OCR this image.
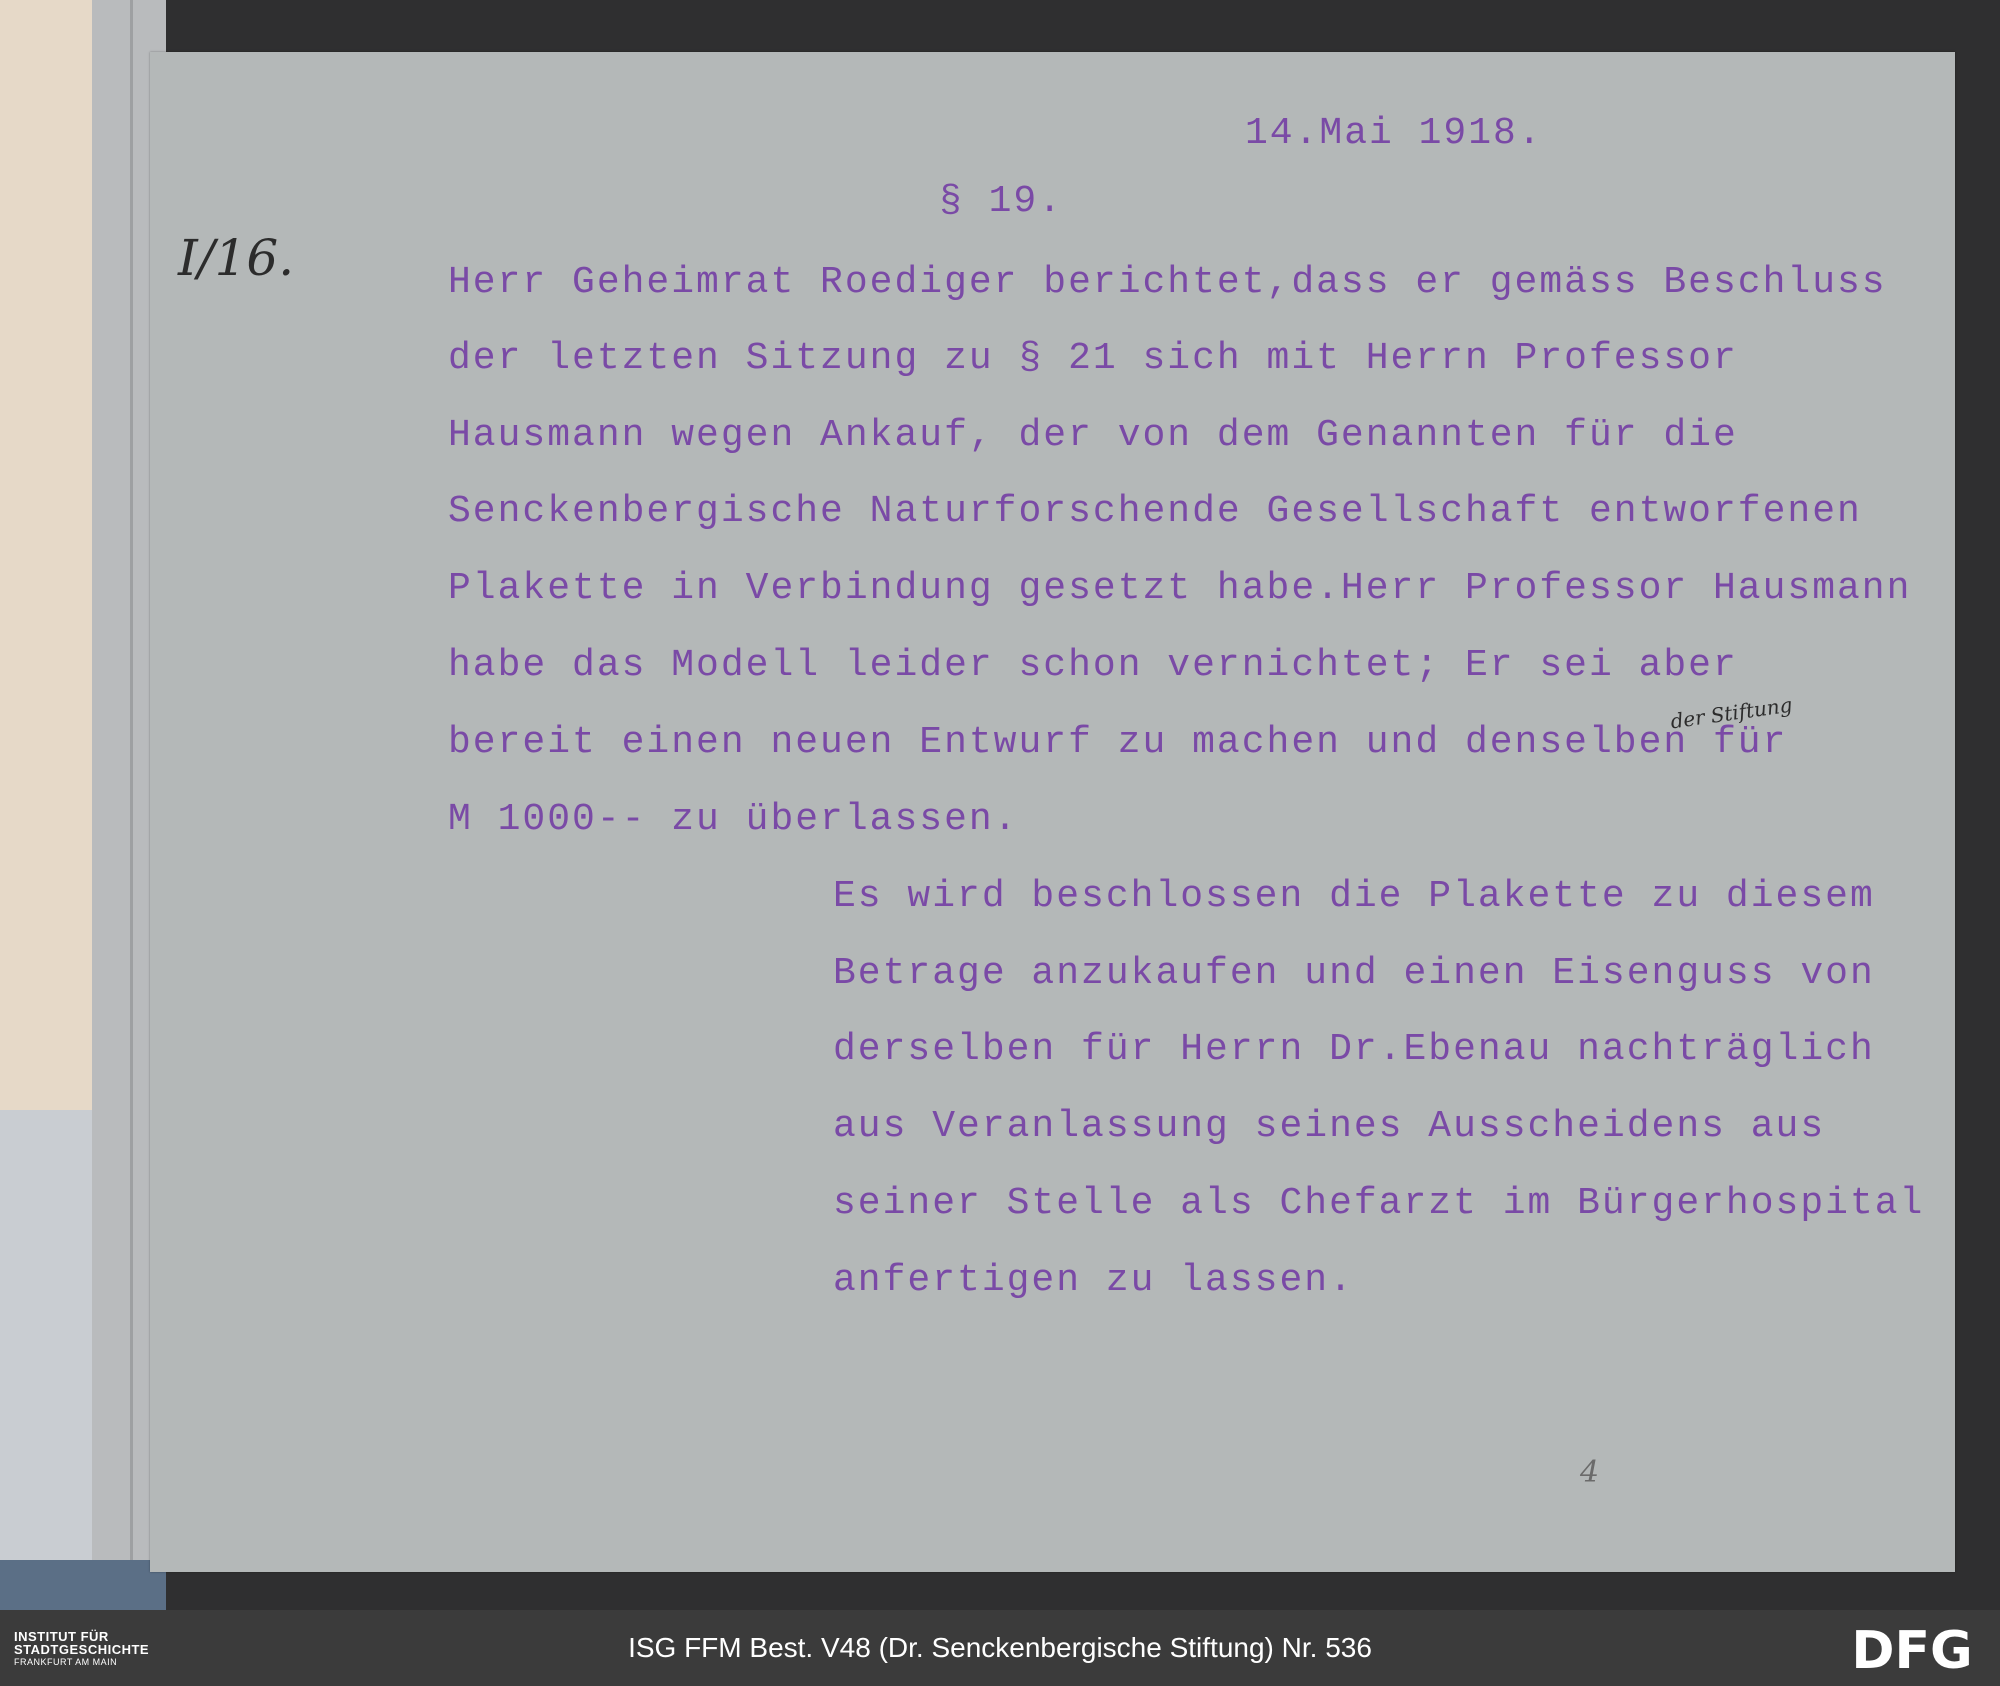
14.Mai 1918.
§ 19.
I/16.	Herr Geheimrat Roediger berichtet,dass er gemäss Beschluss
der letzten Sitzung zu § 21 sich mit Herrn Professor
Hausmann wegen Ankauf, der von dem Genannten für die
Senckenbergische Naturforschende Gesellschaft entworfenen
Plakette in Verbindung gesetzt habe.Herr Professor Hausmann
habe das Modell leider schon vernichtet; Er sei aber
der Stiftung
bereit einen neuen Entwurf zu machen und denselben für
M 1000-- zu überlassen.
Es wird beschlossen die Plakette zu diesem
Betrage anzukaufen und einen Eisenguss von
derselben für Herrn Dr.Ebenau nachträglich
aus Veranlassung seines Ausscheidens aus
seiner Stelle als Chefarzt im Bürgerhospital
anfertigen zu lassen.
4
INSTITUT FÜR
STADTGESCHICHTE
FRANKFURT AM MAIN	ISG FFM Best. V48 (Dr. Senckenbergische Stiftung) Nr. 536	DFG
